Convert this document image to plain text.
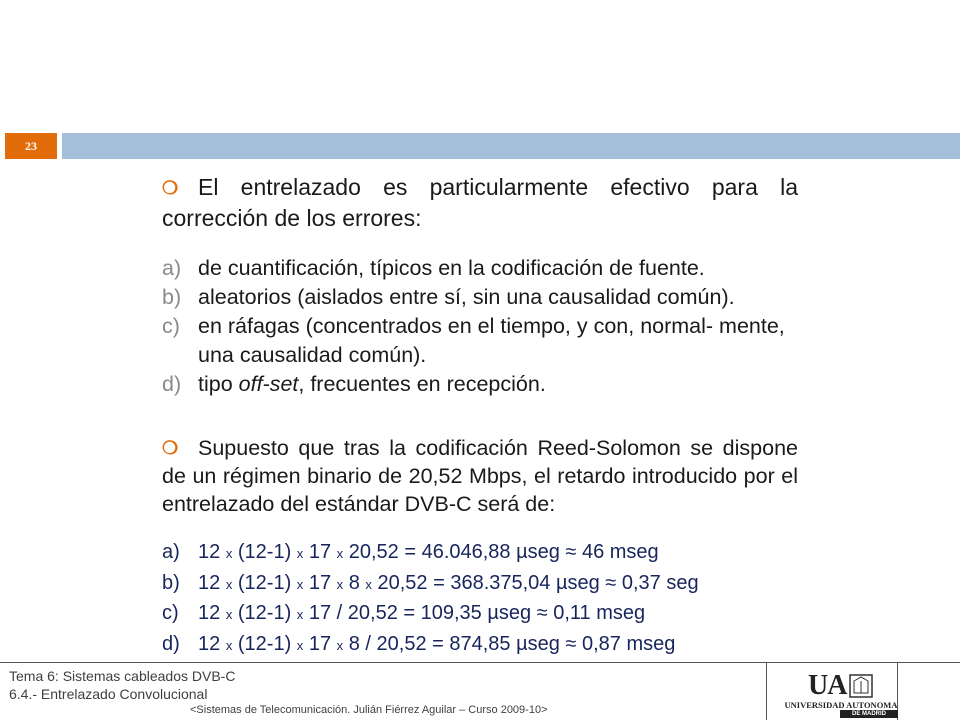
23

❍ El entrelazado es particularmente efectivo para la corrección de los errores:

a) de cuantificación, típicos en la codificación de fuente.
b) aleatorios (aislados entre sí, sin una causalidad común).
c) en ráfagas (concentrados en el tiempo, y con, normal- mente, una causalidad común).
d) tipo off-set, frecuentes en recepción.

❍ Supuesto que tras la codificación Reed-Solomon se dispone de un régimen binario de 20,52 Mbps, el retardo introducido por el entrelazado del estándar DVB-C será de:

a) 12 x (12-1) x 17 x 20,52 = 46.046,88 µseg ≈ 46 mseg
b) 12 x (12-1) x 17 x 8 x 20,52 = 368.375,04 µseg ≈ 0,37 seg
c) 12 x (12-1) x 17 / 20,52 = 109,35 µseg ≈ 0,11 mseg
d) 12 x (12-1) x 17 x 8 / 20,52 = 874,85 µseg ≈ 0,87 mseg
Tema 6: Sistemas cableados DVB-C
6.4.- Entrelazado Convolucional
<Sistemas de Telecomunicación. Julián Fiérrez Aguilar – Curso 2009-10>
UA
UNIVERSIDAD AUTONOMA
DE MADRID
